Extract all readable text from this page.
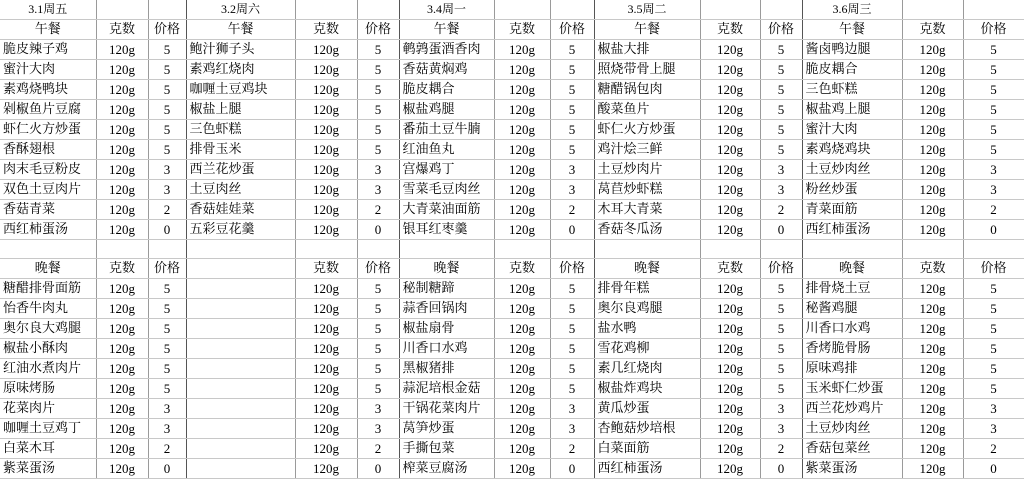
3.1周五			3.2周六			3.4周一			3.5周二			3.6周三		
午餐	克数	价格	午餐	克数	价格	午餐	克数	价格	午餐	克数	价格	午餐	克数	价格
脆皮辣子鸡	120g	5	鲍汁狮子头	120g	5	鹌鹑蛋酒香肉	120g	5	椒盐大排	120g	5	酱卤鸭边腿	120g	5
蜜汁大肉	120g	5	素鸡红烧肉	120g	5	香菇黄焖鸡	120g	5	照烧带骨上腿	120g	5	脆皮耦合	120g	5
素鸡烧鸭块	120g	5	咖喱土豆鸡块	120g	5	脆皮耦合	120g	5	糖醋锅包肉	120g	5	三色虾糕	120g	5
剁椒鱼片豆腐	120g	5	椒盐上腿	120g	5	椒盐鸡腿	120g	5	酸菜鱼片	120g	5	椒盐鸡上腿	120g	5
虾仁火方炒蛋	120g	5	三色虾糕	120g	5	番茄土豆牛腩	120g	5	虾仁火方炒蛋	120g	5	蜜汁大肉	120g	5
香酥翅根	120g	5	排骨玉米	120g	5	红油鱼丸	120g	5	鸡汁烩三鲜	120g	5	素鸡烧鸡块	120g	5
肉末毛豆粉皮	120g	3	西兰花炒蛋	120g	3	宫爆鸡丁	120g	3	土豆炒肉片	120g	3	土豆炒肉丝	120g	3
双色土豆肉片	120g	3	土豆肉丝	120g	3	雪菜毛豆肉丝	120g	3	莴苣炒虾糕	120g	3	粉丝炒蛋	120g	3
香菇青菜	120g	2	香菇娃娃菜	120g	2	大青菜油面筋	120g	2	木耳大青菜	120g	2	青菜面筋	120g	2
西红柿蛋汤	120g	0	五彩豆花羹	120g	0	银耳红枣羹	120g	0	香菇冬瓜汤	120g	0	西红柿蛋汤	120g	0

晚餐	克数	价格		克数	价格	晚餐	克数	价格	晚餐	克数	价格	晚餐	克数	价格
糖醋排骨面筋	120g	5		120g	5	秘制糖蹄	120g	5	排骨年糕	120g	5	排骨烧土豆	120g	5
怡香牛肉丸	120g	5		120g	5	蒜香回锅肉	120g	5	奥尔良鸡腿	120g	5	秘酱鸡腿	120g	5
奥尔良大鸡腿	120g	5		120g	5	椒盐扇骨	120g	5	盐水鸭	120g	5	川香口水鸡	120g	5
椒盐小酥肉	120g	5		120g	5	川香口水鸡	120g	5	雪花鸡柳	120g	5	香烤脆骨肠	120g	5
红油水煮肉片	120g	5		120g	5	黑椒猪排	120g	5	素几红烧肉	120g	5	原味鸡排	120g	5
原味烤肠	120g	5		120g	5	蒜泥培根金菇	120g	5	椒盐炸鸡块	120g	5	玉米虾仁炒蛋	120g	5
花菜肉片	120g	3		120g	3	干锅花菜肉片	120g	3	黄瓜炒蛋	120g	3	西兰花炒鸡片	120g	3
咖喱土豆鸡丁	120g	3		120g	3	莴笋炒蛋	120g	3	杏鲍菇炒培根	120g	3	土豆炒肉丝	120g	3
白菜木耳	120g	2		120g	2	手撕包菜	120g	2	白菜面筋	120g	2	香菇包菜丝	120g	2
紫菜蛋汤	120g	0		120g	0	榨菜豆腐汤	120g	0	西红柿蛋汤	120g	0	紫菜蛋汤	120g	0
